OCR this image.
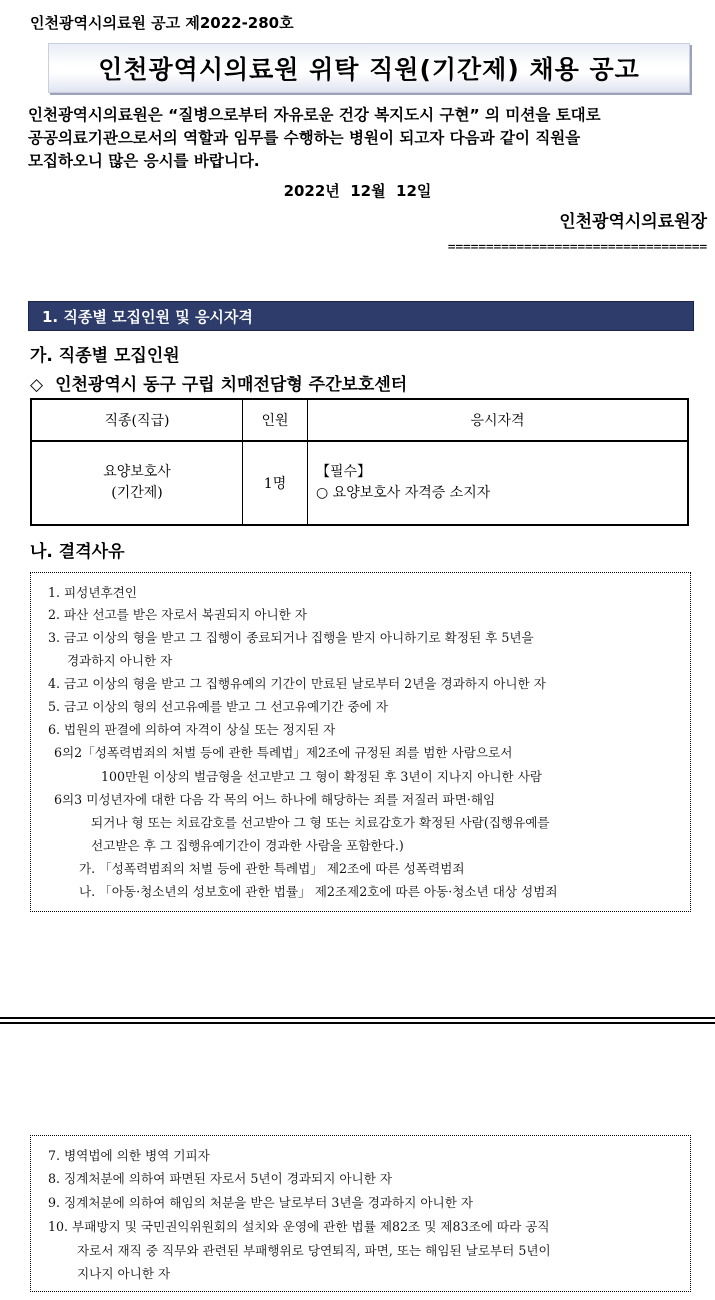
인천광역시의료원 공고 제2022-280호
인천광역시의료원 위탁 직원(기간제) 채용 공고
인천광역시의료원은 “질병으로부터 자유로운 건강 복지도시 구현” 의 미션을 토대로
공공의료기관으로서의 역할과 임무를 수행하는 병원이 되고자 다음과 같이 직원을
모집하오니 많은 응시를 바랍니다.
2022년  12월  12일
인천광역시의료원장
==================================
1. 직종별 모집인원 및 응시자격
가. 직종별 모집인원
◇ 인천광역시 동구 구립 치매전담형 주간보호센터
직종(직급)	인원	응시자격

요양보호사
(기간제)	1명	【필수】
○ 요양보호사 자격증 소지자
나. 결격사유

1. 피성년후견인

2. 파산 선고를 받은 자로서 복권되지 아니한 자

3. 금고 이상의 형을 받고 그 집행이 종료되거나 집행을 받지 아니하기로 확정된 후 5년을

경과하지 아니한 자

4. 금고 이상의 형을 받고 그 집행유예의 기간이 만료된 날로부터 2년을 경과하지 아니한 자

5. 금고 이상의 형의 선고유예를 받고 그 선고유예기간 중에 자

6. 법원의 판결에 의하여 자격이 상실 또는 정지된 자

6의2「성폭력범죄의 처벌 등에 관한 특례법」제2조에 규정된 죄를 범한 사람으로서

100만원 이상의 벌금형을 선고받고 그 형이 확정된 후 3년이 지나지 아니한 사람

6의3 미성년자에 대한 다음 각 목의 어느 하나에 해당하는 죄를 저질러 파면·해임

되거나 형 또는 치료감호를 선고받아 그 형 또는 치료감호가 확정된 사람(집행유예를

선고받은 후 그 집행유예기간이 경과한 사람을 포함한다.)

가. 「성폭력범죄의 처벌 등에 관한 특례법」 제2조에 따른 성폭력범죄

나. 「아동·청소년의 성보호에 관한 법률」 제2조제2호에 따른 아동·청소년 대상 성범죄

7. 병역법에 의한 병역 기피자

8. 징계처분에 의하여 파면된 자로서 5년이 경과되지 아니한 자

9. 징계처분에 의하여 해임의 처분을 받은 날로부터 3년을 경과하지 아니한 자

10. 부패방지 및 국민권익위원회의 설치와 운영에 관한 법률 제82조 및 제83조에 따라 공직

자로서 재직 중 직무와 관련된 부패행위로 당연퇴직, 파면, 또는 해임된 날로부터 5년이

지나지 아니한 자
